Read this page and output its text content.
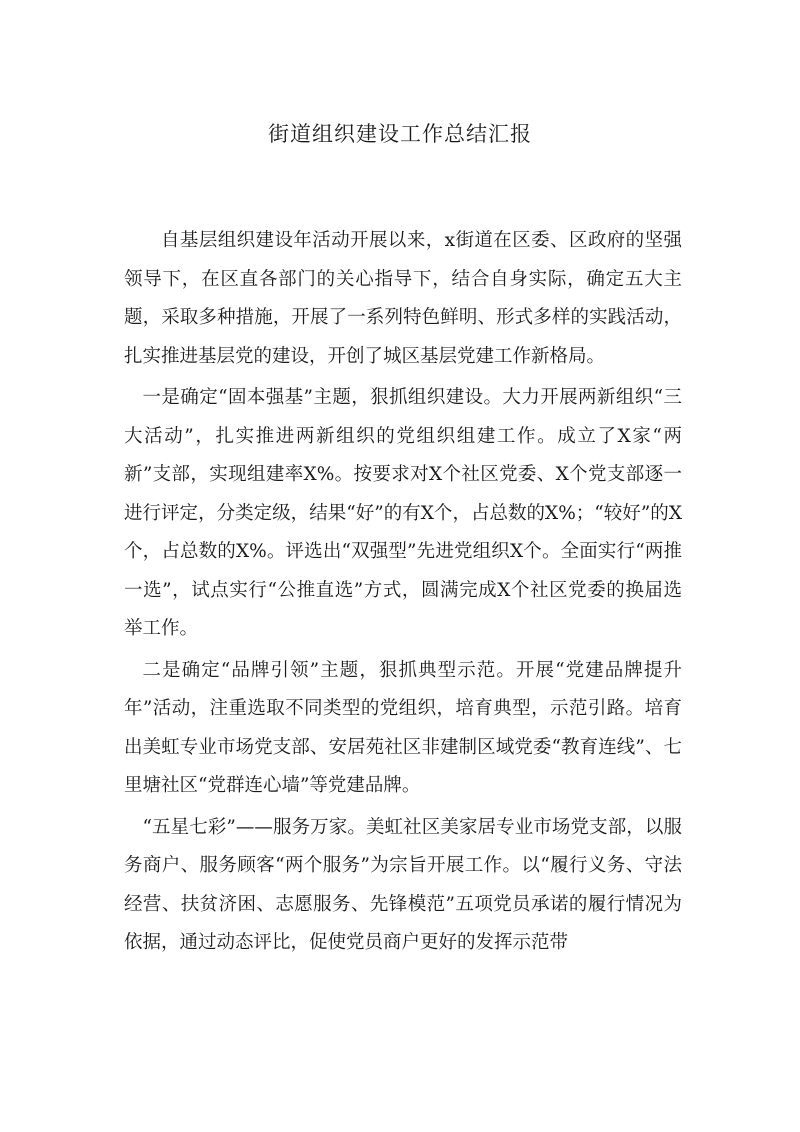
街道组织建设工作总结汇报

自基层组织建设年活动开展以来，x街道在区委、区政府的坚强领导下，在区直各部门的关心指导下，结合自身实际，确定五大主题，采取多种措施，开展了一系列特色鲜明、形式多样的实践活动，扎实推进基层党的建设，开创了城区基层党建工作新格局。

一是确定“固本强基”主题，狠抓组织建设。大力开展两新组织“三大活动”，扎实推进两新组织的党组织组建工作。成立了X家“两新”支部，实现组建率X%。按要求对X个社区党委、X个党支部逐一进行评定，分类定级，结果“好”的有X个，占总数的X%；“较好”的X个，占总数的X%。评选出“双强型”先进党组织X个。全面实行“两推一选”，试点实行“公推直选”方式，圆满完成X个社区党委的换届选举工作。

二是确定“品牌引领”主题，狠抓典型示范。开展“党建品牌提升年”活动，注重选取不同类型的党组织，培育典型，示范引路。培育出美虹专业市场党支部、安居苑社区非建制区域党委“教育连线”、七里塘社区“党群连心墙”等党建品牌。

“五星七彩”——服务万家。美虹社区美家居专业市场党支部，以服务商户、服务顾客“两个服务”为宗旨开展工作。以“履行义务、守法经营、扶贫济困、志愿服务、先锋模范”五项党员承诺的履行情况为依据，通过动态评比，促使党员商户更好的发挥示范带
